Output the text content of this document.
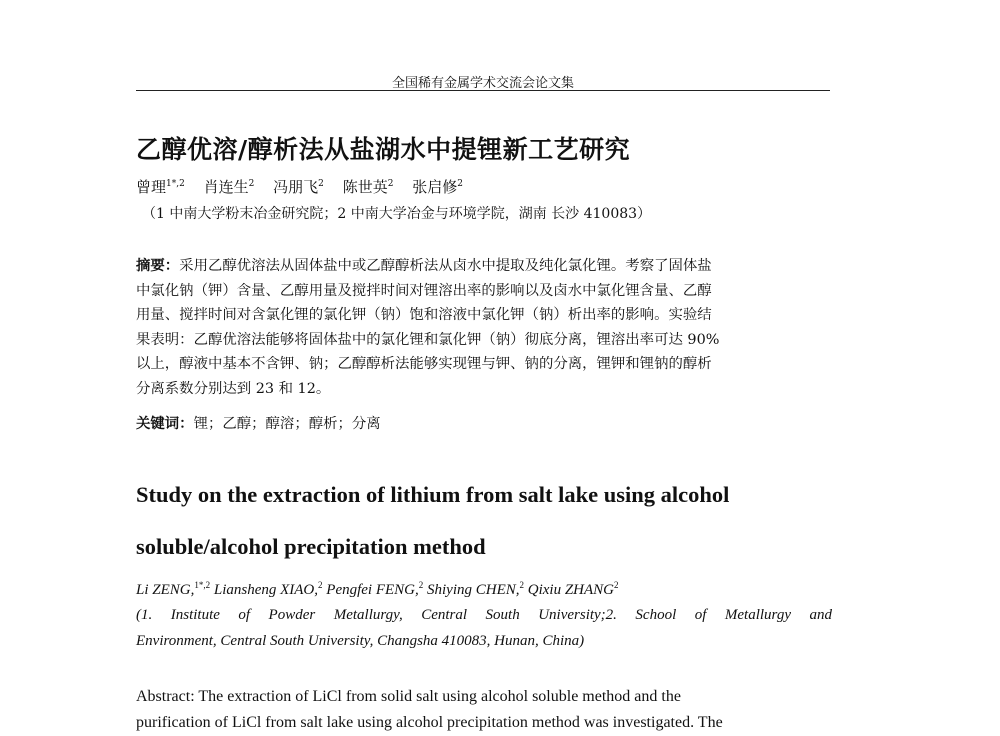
全国稀有金属学术交流会论文集
乙醇优溶/醇析法从盐湖水中提锂新工艺研究
曾理$^{1*,2}$ 肖连生$^2$ 冯朋飞$^2$ 陈世英$^2$ 张启修$^2$
（1 中南大学粉末冶金研究院；2 中南大学冶金与环境学院，湖南 长沙 410083）
摘要：采用乙醇优溶法从固体盐中或乙醇醇析法从卤水中提取及纯化氯化锂。考察了固体盐
中氯化钠（钾）含量、乙醇用量及搅拌时间对锂溶出率的影响以及卤水中氯化锂含量、乙醇
用量、搅拌时间对含氯化锂的氯化钾（钠）饱和溶液中氯化钾（钠）析出率的影响。实验结
果表明：乙醇优溶法能够将固体盐中的氯化锂和氯化钾（钠）彻底分离，锂溶出率可达 90%
以上，醇液中基本不含钾、钠；乙醇醇析法能够实现锂与钾、钠的分离，锂钾和锂钠的醇析
分离系数分别达到 23 和 12。
关键词：锂；乙醇；醇溶；醇析；分离
Study on the extraction of lithium from salt lake using alcohol
soluble/alcohol precipitation method
Li ZENG,$^{1*,2}$ Liansheng XIAO,$^2$ Pengfei FENG,$^2$ Shiying CHEN,$^2$ Qixiu ZHANG$^2$
(1. Institute of Powder Metallurgy, Central South University;2. School of Metallurgy and
Environment, Central South University, Changsha 410083, Hunan, China)
Abstract: The extraction of LiCl from solid salt using alcohol soluble method and the
purification of LiCl from salt lake using alcohol precipitation method was investigated. The
